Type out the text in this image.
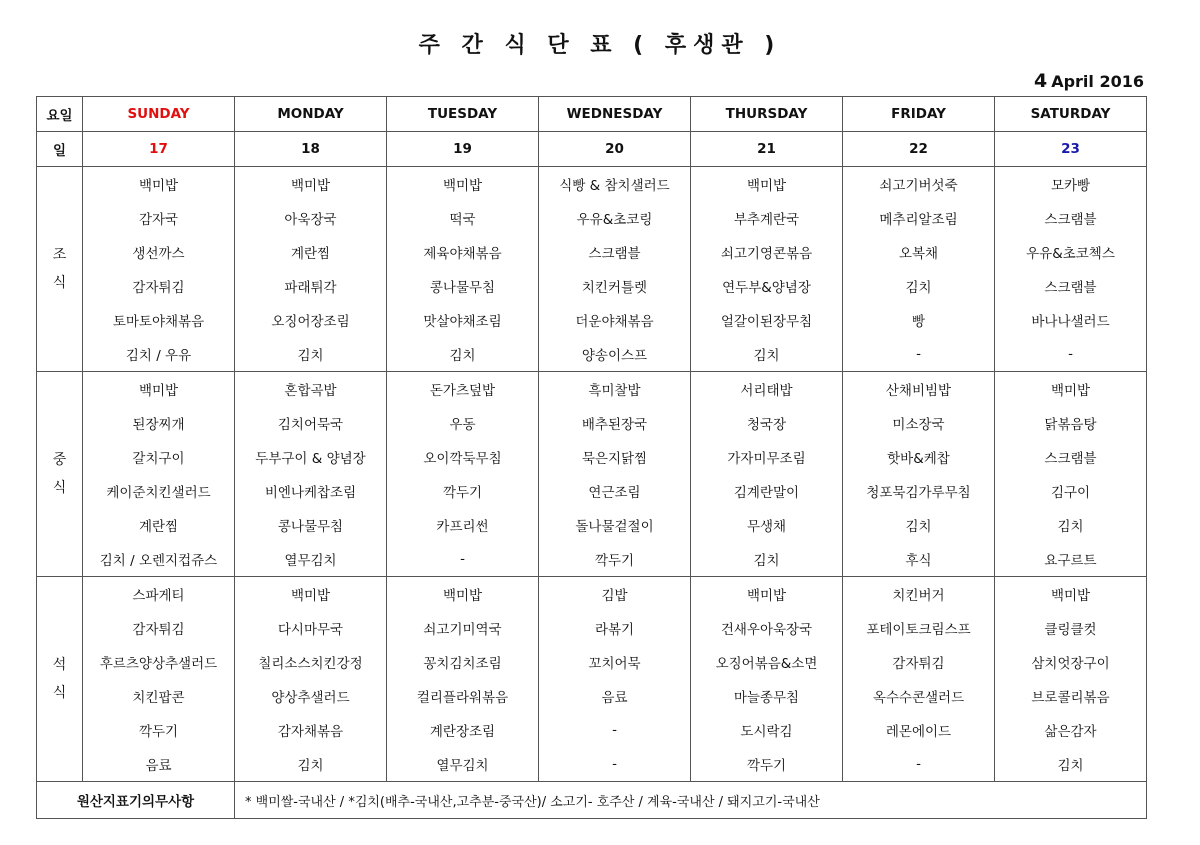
주 간 식 단 표 ( 후생관 )
4 April 2016
요일	SUNDAY	MONDAY	TUESDAY	WEDNESDAY	THURSDAY	FRIDAY	SATURDAY
일	17	18	19	20	21	22	23

조
식	백미밥	백미밥	백미밥	식빵 & 참치샐러드	백미밥	쇠고기버섯죽	모카빵
	감자국	아욱장국	떡국	우유&초코링	부추계란국	메추리알조림	스크램블
	생선까스	계란찜	제육야채볶음	스크램블	쇠고기영콘볶음	오복채	우유&초코첵스
	감자튀김	파래튀각	콩나물무침	치킨커틀렛	연두부&양념장	김치	스크램블
	토마토야채볶음	오징어장조림	맛살야채조림	더운야채볶음	얼갈이된장무침	빵	바나나샐러드
	김치 / 우유	김치	김치	양송이스프	김치	-	-

중
식	백미밥	혼합곡밥	돈가츠덮밥	흑미찰밥	서리태밥	산채비빔밥	백미밥
	된장찌개	김치어묵국	우동	배추된장국	청국장	미소장국	닭볶음탕
	갈치구이	두부구이 & 양념장	오이깍둑무침	묵은지닭찜	가자미무조림	핫바&케찹	스크램블
	케이준치킨샐러드	비엔나케찹조림	깍두기	연근조림	김계란말이	청포묵김가루무침	김구이
	계란찜	콩나물무침	카프리썬	돌나물겉절이	무생채	김치	김치
	김치 / 오렌지컵쥬스	열무김치	-	깍두기	김치	후식	요구르트

석
식	스파게티	백미밥	백미밥	김밥	백미밥	치킨버거	백미밥
	감자튀김	다시마무국	쇠고기미역국	라볶기	건새우아욱장국	포테이토크림스프	클링클컷
	후르츠양상추샐러드	칠리소스치킨강정	꽁치김치조림	꼬치어묵	오징어볶음&소면	감자튀김	삼치엇장구이
	치킨팝콘	양상추샐러드	컬리플라워볶음	음료	마늘종무침	옥수수콘샐러드	브로콜리볶음
	깍두기	감자채볶음	계란장조림	-	도시락김	레몬에이드	삶은감자
	음료	김치	열무김치	-	깍두기	-	김치
원산지표기의무사항		* 백미쌀-국내산 / *김치(배추-국내산,고추분-중국산)/ 소고기- 호주산 / 계육-국내산 / 돼지고기-국내산					
